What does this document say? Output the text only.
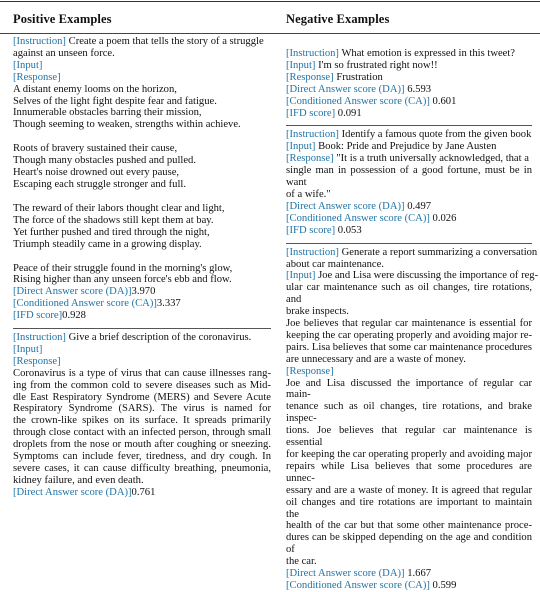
Positive Examples	Negative Examples
[Instruction] Create a poem that tells the story of a struggle
against an unseen force.
[Input]
[Response]
A distant enemy looms on the horizon,
Selves of the light fight despite fear and fatigue.
Innumerable obstacles barring their mission,
Though seeming to weaken, strengths within achieve.
Roots of bravery sustained their cause,
Though many obstacles pushed and pulled.
Heart's noise drowned out every pause,
Escaping each struggle stronger and full.
The reward of their labors thought clear and light,
The force of the shadows still kept them at bay.
Yet further pushed and tired through the night,
Triumph steadily came in a growing display.
Peace of their struggle found in the morning's glow,
Rising higher than any unseen force's ebb and flow.
[Direct Answer score (DA)]3.970
[Conditioned Answer score (CA)]3.337
[IFD score]0.928
[Instruction] Give a brief description of the coronavirus.
[Input]
[Response]
Coronavirus is a type of virus that can cause illnesses rang-
ing from the common cold to severe diseases such as Mid-
dle East Respiratory Syndrome (MERS) and Severe Acute
Respiratory Syndrome (SARS). The virus is named for
the crown-like spikes on its surface. It spreads primarily
through close contact with an infected person, through small
droplets from the nose or mouth after coughing or sneezing.
Symptoms can include fever, tiredness, and dry cough. In
severe cases, it can cause difficulty breathing, pneumonia,
kidney failure, and even death.
[Direct Answer score (DA)]0.761
[Instruction] What emotion is expressed in this tweet?
[Input] I'm so frustrated right now!!
[Response] Frustration
[Direct Answer score (DA)] 6.593
[Conditioned Answer score (CA)] 0.601
[IFD score] 0.091
[Instruction] Identify a famous quote from the given book
[Input] Book: Pride and Prejudice by Jane Austen
[Response] "It is a truth universally acknowledged, that a
single man in possession of a good fortune, must be in want
of a wife."
[Direct Answer score (DA)] 0.497
[Conditioned Answer score (CA)] 0.026
[IFD score] 0.053
[Instruction] Generate a report summarizing a conversation
about car maintenance.
[Input] Joe and Lisa were discussing the importance of reg-
ular car maintenance such as oil changes, tire rotations, and
brake inspects.
Joe believes that regular car maintenance is essential for
keeping the car operating properly and avoiding major re-
pairs. Lisa believes that some car maintenance procedures
are unnecessary and are a waste of money.
[Response]
Joe and Lisa discussed the importance of regular car main-
tenance such as oil changes, tire rotations, and brake inspec-
tions. Joe believes that regular car maintenance is essential
for keeping the car operating properly and avoiding major
repairs while Lisa believes that some procedures are unnec-
essary and are a waste of money. It is agreed that regular
oil changes and tire rotations are important to maintain the
health of the car but that some other maintenance proce-
dures can be skipped depending on the age and condition of
the car.
[Direct Answer score (DA)] 1.667
[Conditioned Answer score (CA)] 0.599
